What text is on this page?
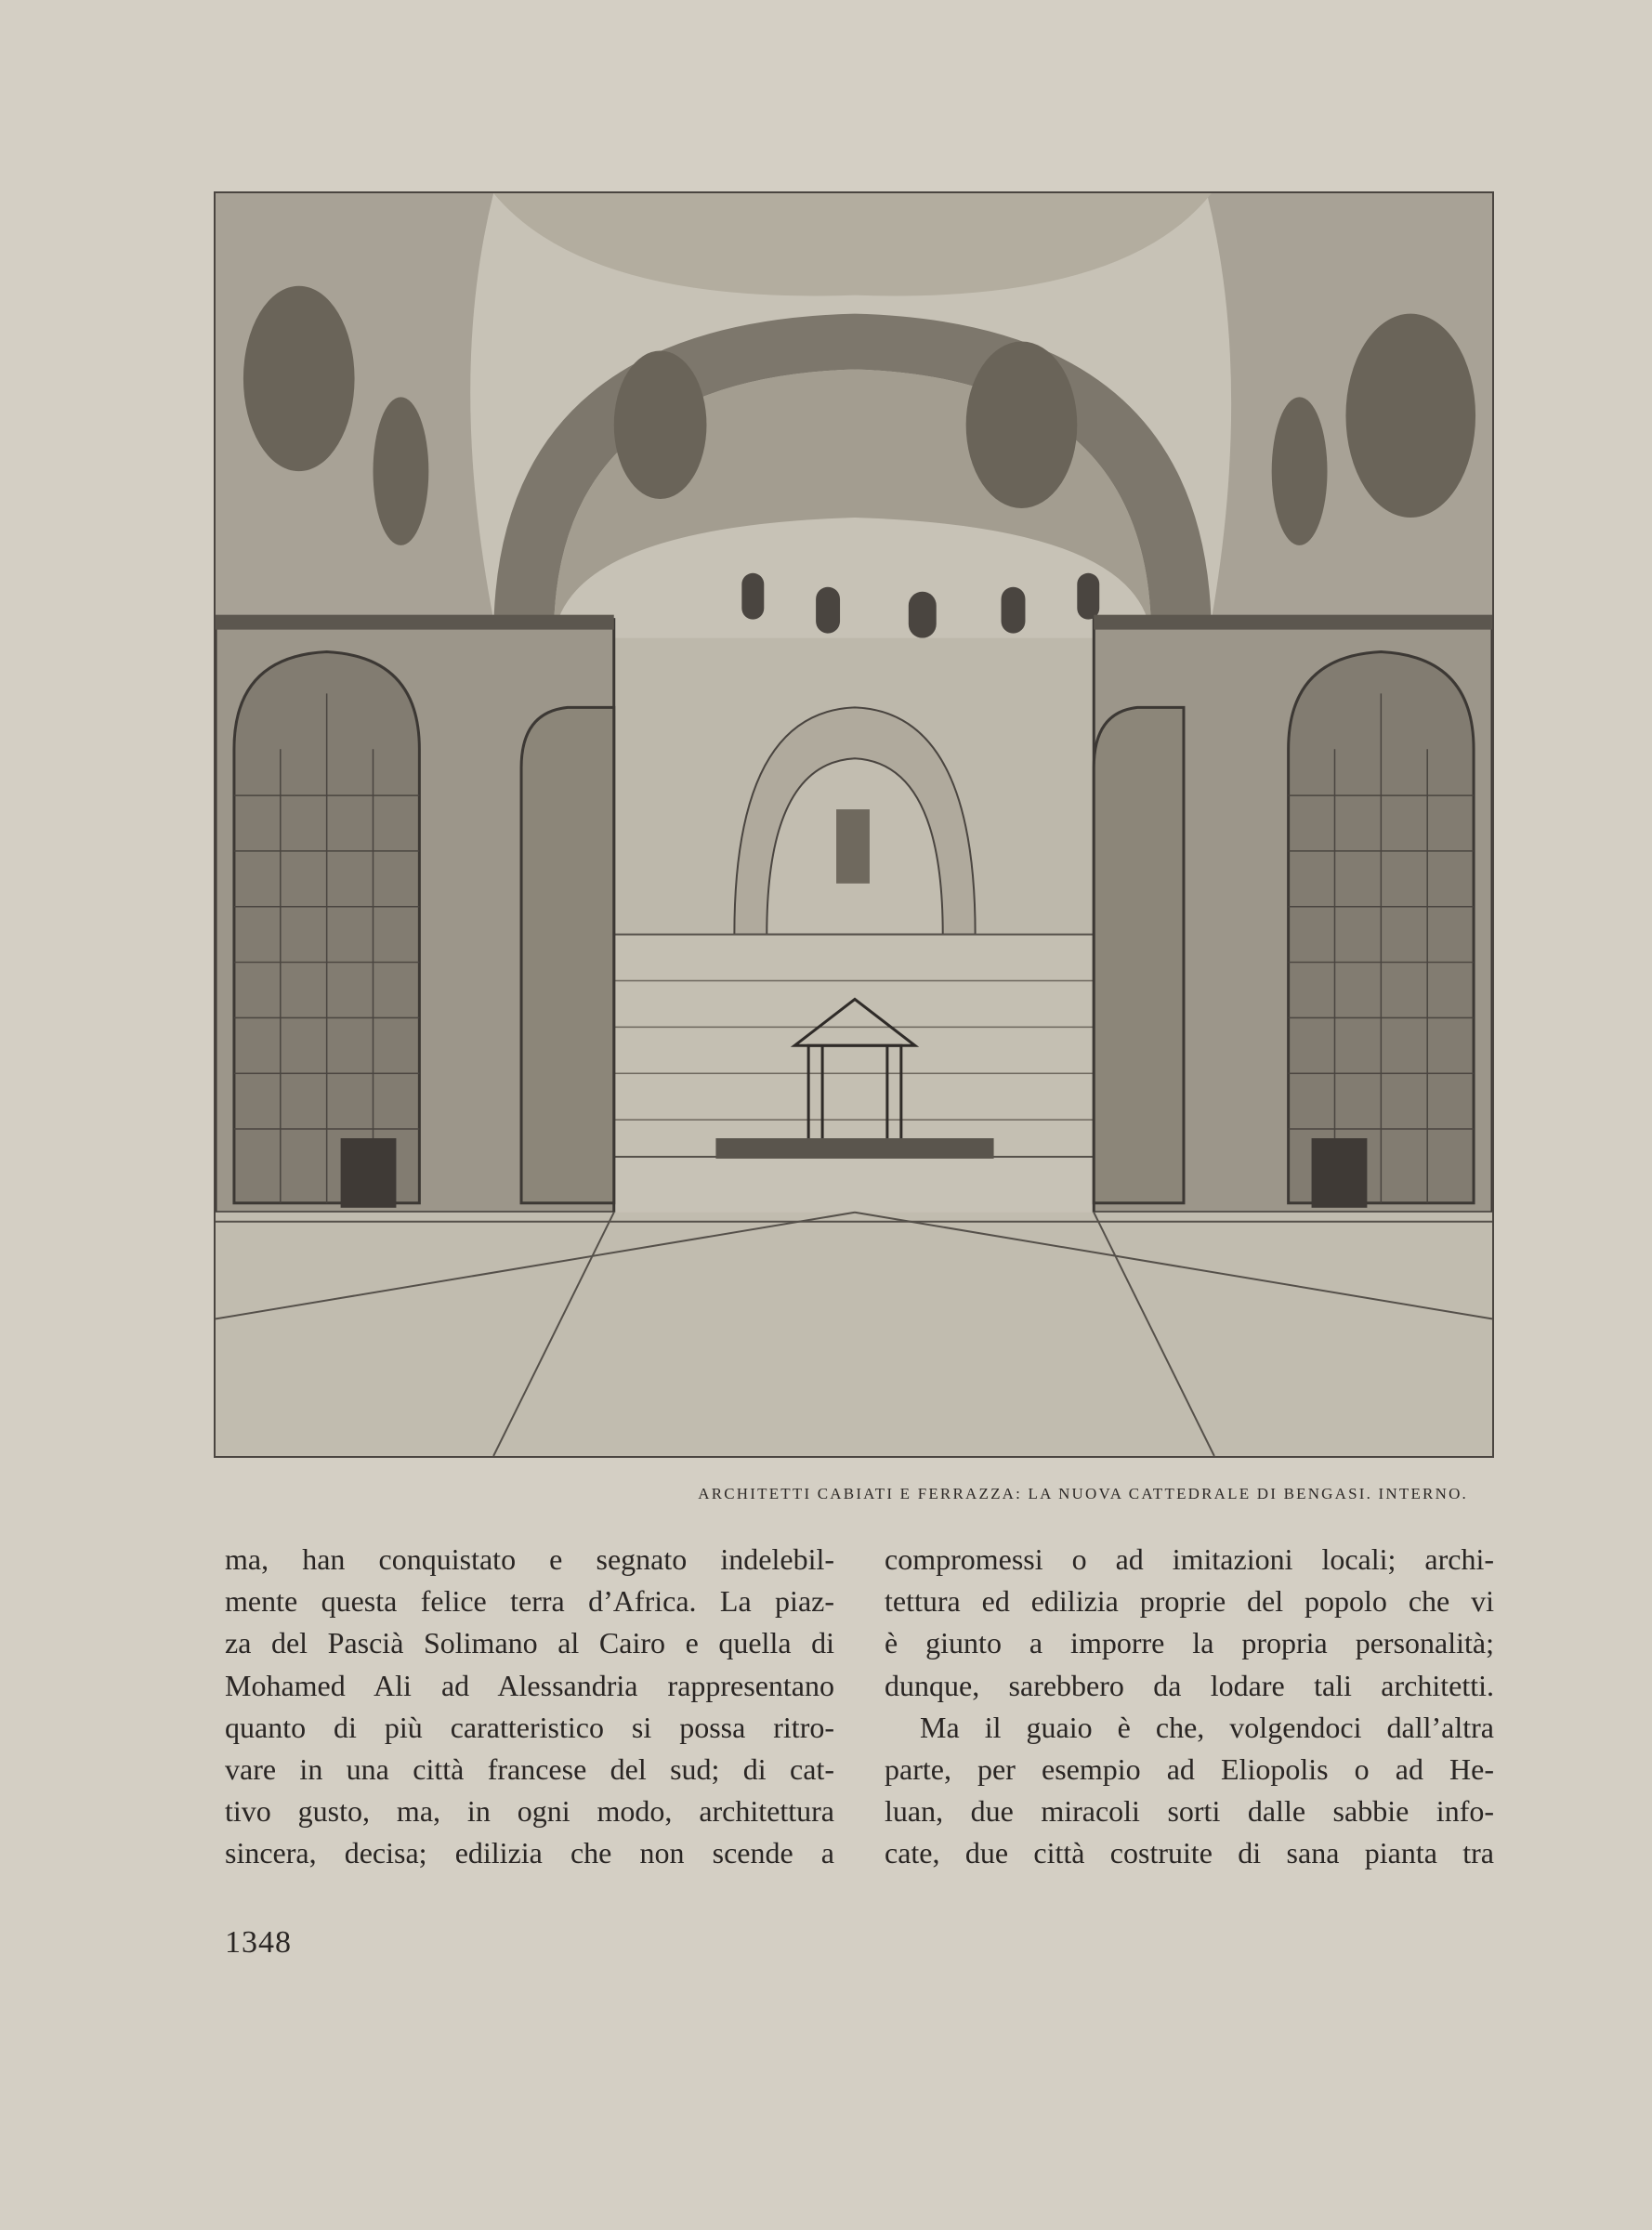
ARCHITETTI CABIATI E FERRAZZA: LA NUOVA CATTEDRALE DI BENGASI. INTERNO.
ma, han conquistato e segnato indelebil-
mente questa felice terra d’Africa. La piaz-
za del Pascià Solimano al Cairo e quella di
Mohamed Ali ad Alessandria rappresentano
quanto di più caratteristico si possa ritro-
vare in una città francese del sud; di cat-
tivo gusto, ma, in ogni modo, architettura
sincera, decisa; edilizia che non scende a
compromessi o ad imitazioni locali; archi-
tettura ed edilizia proprie del popolo che vi
è giunto a imporre la propria personalità;
dunque, sarebbero da lodare tali architetti.
Ma il guaio è che, volgendoci dall’altra
parte, per esempio ad Eliopolis o ad He-
luan, due miracoli sorti dalle sabbie info-
cate, due città costruite di sana pianta tra
1348
